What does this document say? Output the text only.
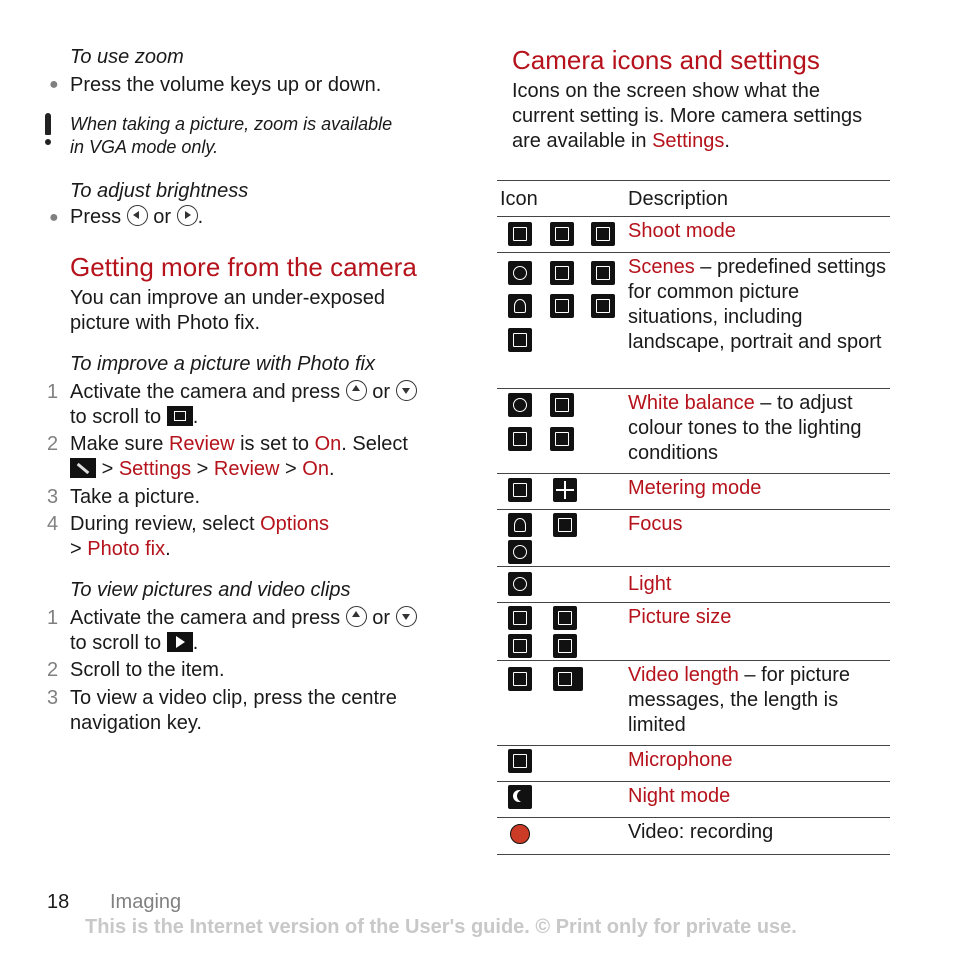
To use zoom
● Press the volume keys up or down.
When taking a picture, zoom is available
in VGA mode only.
To adjust brightness
● Press or .
Getting more from the camera
You can improve an under-exposed
picture with Photo fix.
To improve a picture with Photo fix
1 Activate the camera and press or
to scroll to .
2 Make sure Review is set to On. Select
> Settings > Review > On.
3 Take a picture.
4 During review, select Options
> Photo fix.
To view pictures and video clips
1 Activate the camera and press or
to scroll to .
2 Scroll to the item.
3 To view a video clip, press the centre
navigation key.
Camera icons and settings
Icons on the screen show what the
current setting is. More camera settings
are available in Settings.
Icon	Description
Shoot mode
Scenes – predefined settings for common picture situations, including landscape, portrait and sport
White balance – to adjust colour tones to the lighting conditions
Metering mode
Focus
Light
Picture size
Video length – for picture messages, the length is limited
Microphone
Night mode
Video: recording
18 Imaging
This is the Internet version of the User's guide. © Print only for private use.
